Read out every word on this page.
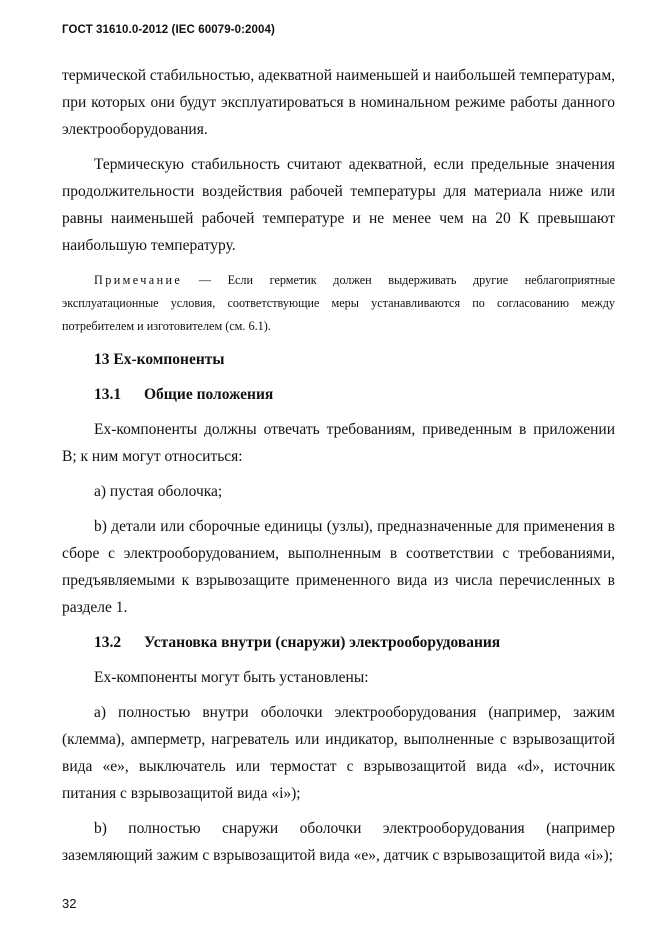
ГОСТ 31610.0-2012 (IEC 60079-0:2004)

термической стабильностью, адекватной наименьшей и наибольшей температурам, при которых они будут эксплуатироваться в номинальном режиме работы данного электрооборудования.

Термическую стабильность считают адекватной, если предельные значения продолжительности воздействия рабочей температуры для материала ниже или равны наименьшей рабочей температуре и не менее чем на 20 К превышают наибольшую температуру.

Примечание — Если герметик должен выдерживать другие неблагоприятные эксплуатационные условия, соответствующие меры устанавливаются по согласованию между потребителем и изготовителем (см. 6.1).

13 Ex-компоненты
13.1 Общие положения

Ex-компоненты должны отвечать требованиям, приведенным в приложении B; к ним могут относиться:

a) пустая оболочка;

b) детали или сборочные единицы (узлы), предназначенные для применения в сборе с электрооборудованием, выполненным в соответствии с требованиями, предъявляемыми к взрывозащите примененного вида из числа перечисленных в разделе 1.

13.2 Установка внутри (снаружи) электрооборудования

Ex-компоненты могут быть установлены:

a) полностью внутри оболочки электрооборудования (например, зажим (клемма), амперметр, нагреватель или индикатор, выполненные с взрывозащитой вида «е», выключатель или термостат с взрывозащитой вида «d», источник питания с взрывозащитой вида «i»);

b) полностью снаружи оболочки электрооборудования (например заземляющий зажим с взрывозащитой вида «е», датчик с взрывозащитой вида «i»);

32
